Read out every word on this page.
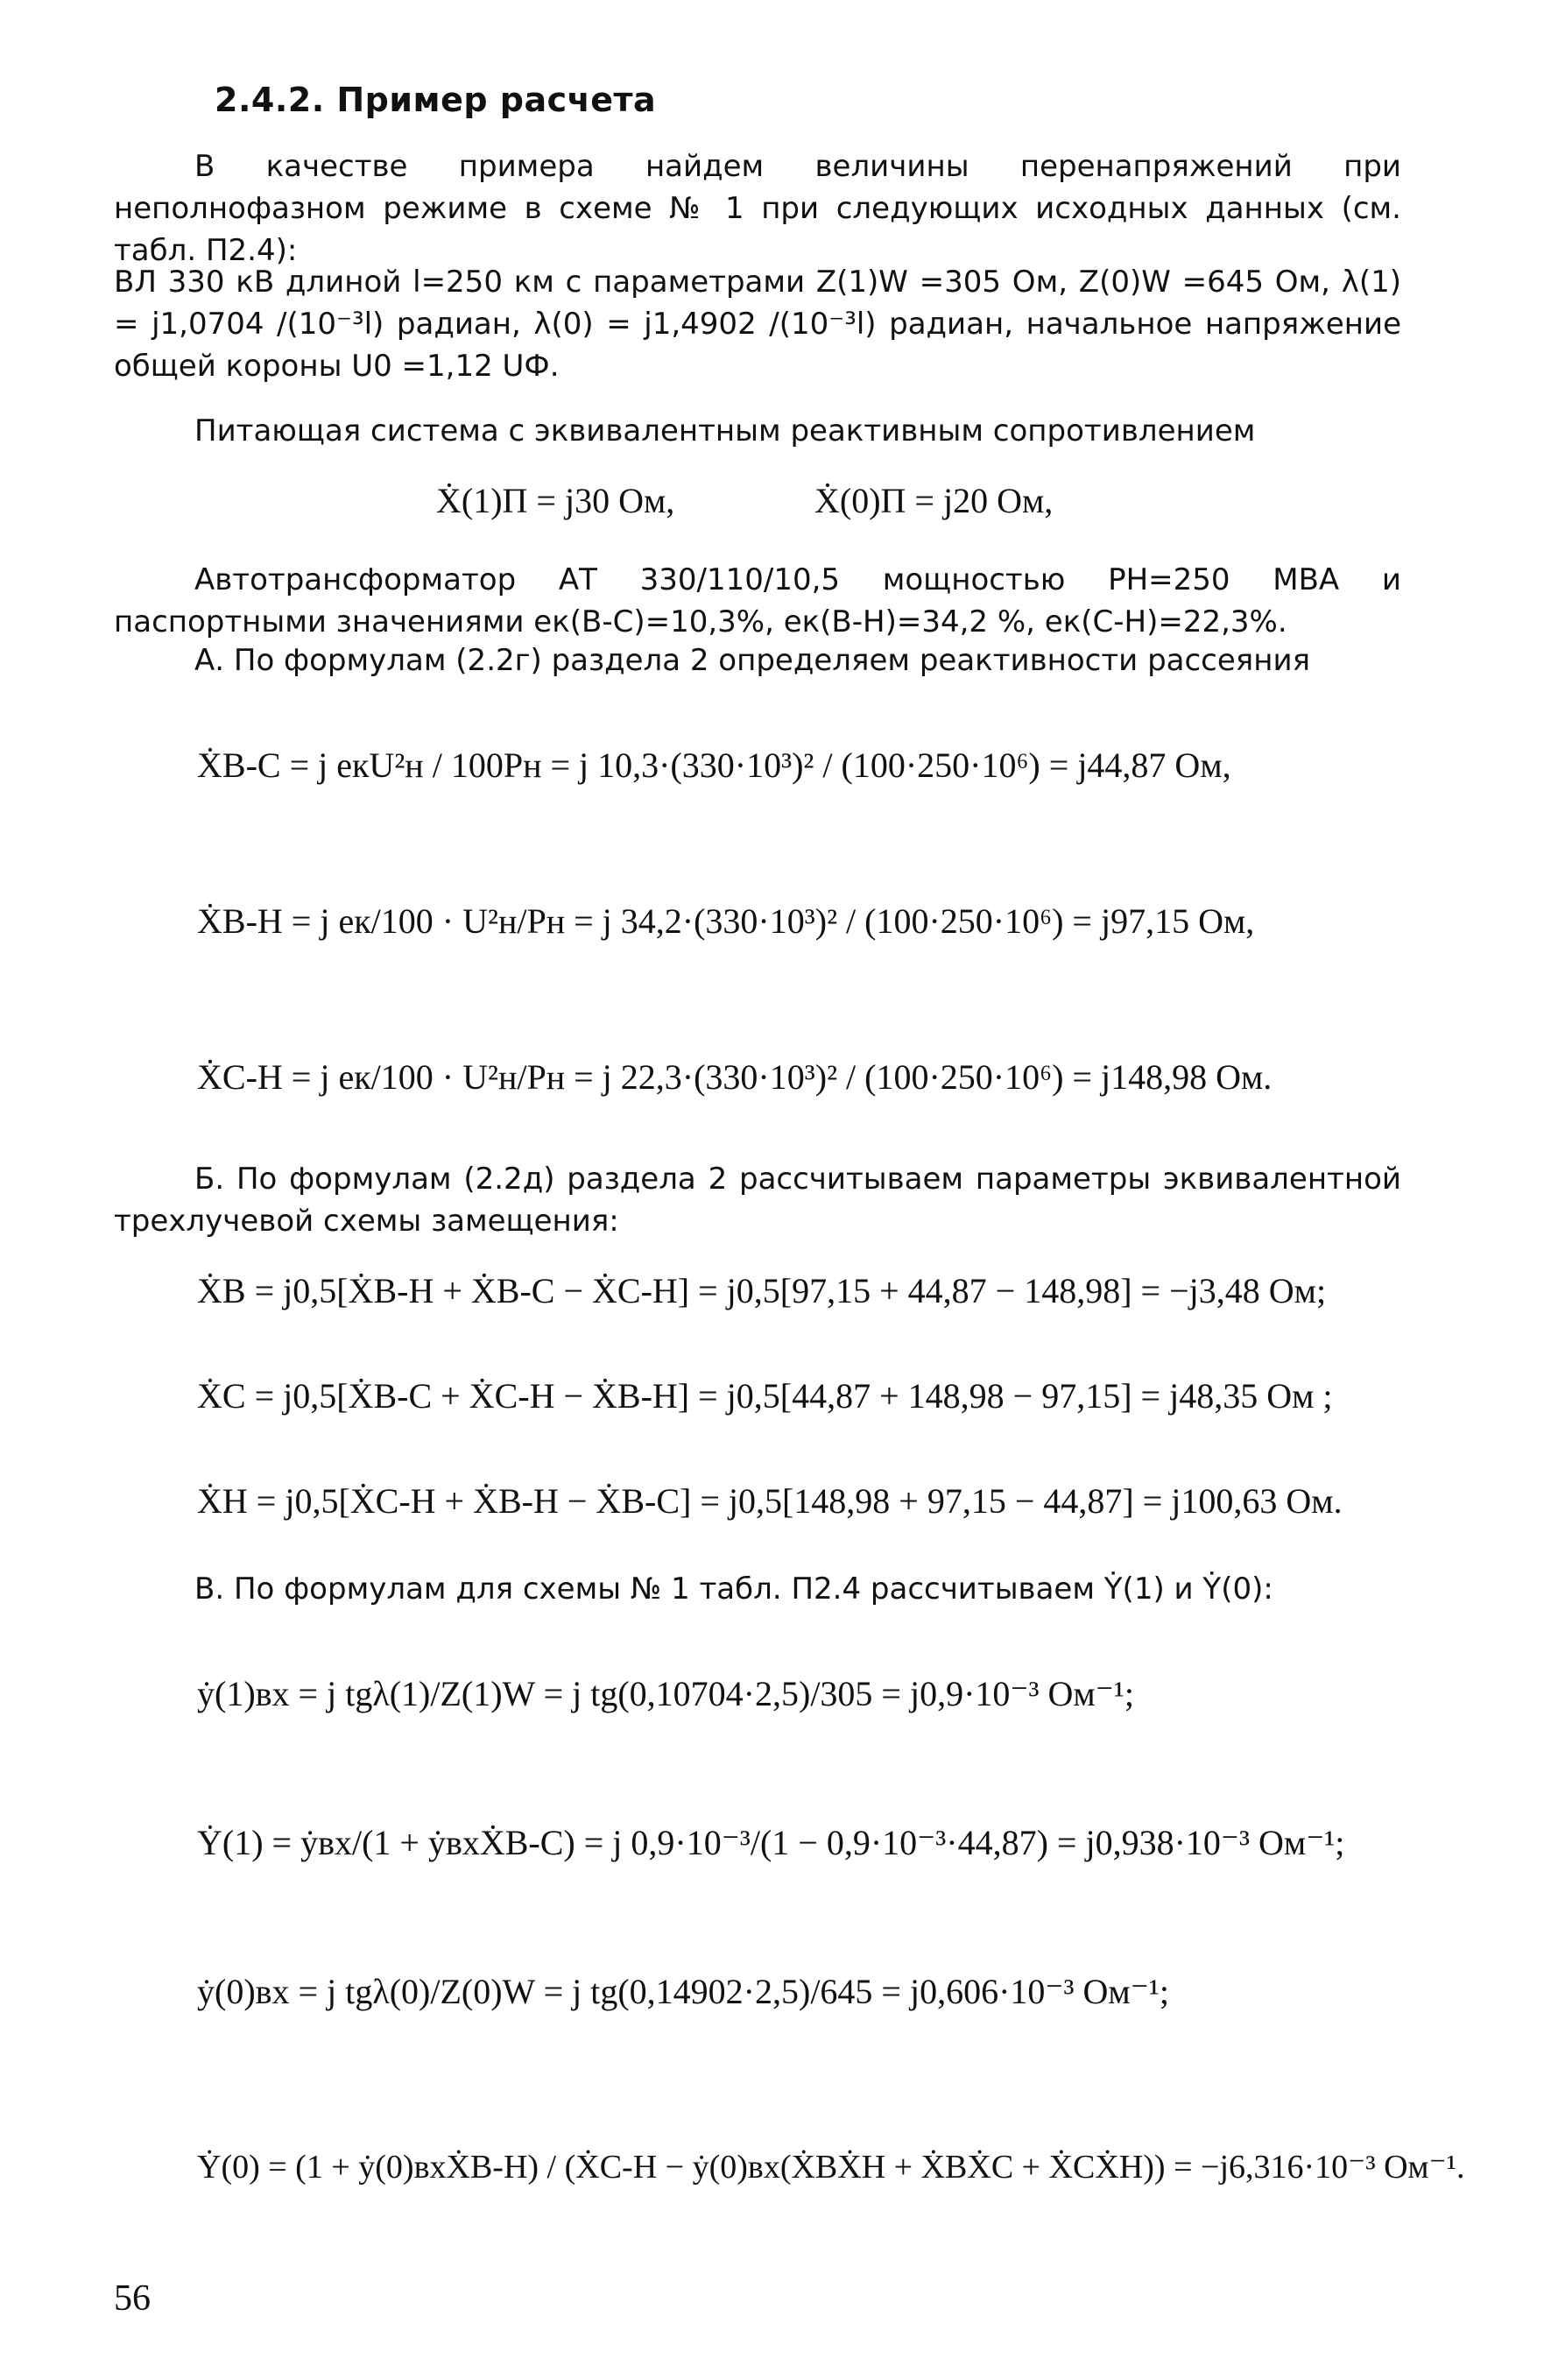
2.4.2. Пример расчета
В качестве примера найдем величины перенапряжений при неполнофазном режиме в схеме № 1 при следующих исходных данных (см. табл. П2.4):
ВЛ 330 кВ длиной l=250 км с параметрами Z(1)W =305 Ом, Z(0)W =645 Ом, λ(1) = j1,0704 /(10⁻³l) радиан, λ(0) = j1,4902 /(10⁻³l) радиан, начальное напряжение общей короны U0 =1,12 UФ.
Питающая система с эквивалентным реактивным сопротивлением
Ẋ(1)П = j30 Ом,	Ẋ(0)П = j20 Ом,
Автотрансформатор АТ 330/110/10,5 мощностью PН=250 МВА и паспортными значениями eк(В-С)=10,3%, eк(В-Н)=34,2 %, eк(С-Н)=22,3%.
А. По формулам (2.2г) раздела 2 определяем реактивности рассеяния
ẊВ-С = j eкU²н / 100Pн = j 10,3·(330·10³)² / (100·250·10⁶) = j44,87 Ом,
ẊВ-Н = j eк/100 · U²н/Pн = j 34,2·(330·10³)² / (100·250·10⁶) = j97,15 Ом,
ẊС-Н = j eк/100 · U²н/Pн = j 22,3·(330·10³)² / (100·250·10⁶) = j148,98 Ом.
Б. По формулам (2.2д) раздела 2 рассчитываем параметры эквивалентной трехлучевой схемы замещения:
ẊВ = j0,5[ẊВ-Н + ẊВ-С − ẊС-Н] = j0,5[97,15 + 44,87 − 148,98] = −j3,48 Ом;
ẊС = j0,5[ẊВ-С + ẊС-Н − ẊВ-Н] = j0,5[44,87 + 148,98 − 97,15] = j48,35 Ом ;
ẊН = j0,5[ẊС-Н + ẊВ-Н − ẊВ-С] = j0,5[148,98 + 97,15 − 44,87] = j100,63 Ом.
В. По формулам для схемы № 1 табл. П2.4 рассчитываем Ẏ(1) и Ẏ(0):
ẏ(1)вх = j tgλ(1)/Z(1)W = j tg(0,10704·2,5)/305 = j0,9·10⁻³ Ом⁻¹;
Ẏ(1) = ẏвх/(1 + ẏвхẊВ-С) = j 0,9·10⁻³/(1 − 0,9·10⁻³·44,87) = j0,938·10⁻³ Ом⁻¹;
ẏ(0)вх = j tgλ(0)/Z(0)W = j tg(0,14902·2,5)/645 = j0,606·10⁻³ Ом⁻¹;
Ẏ(0) = (1 + ẏ(0)вхẊВ-Н) / (ẊС-Н − ẏ(0)вх(ẊВẊН + ẊВẊС + ẊСẊН)) = −j6,316·10⁻³ Ом⁻¹.
56
